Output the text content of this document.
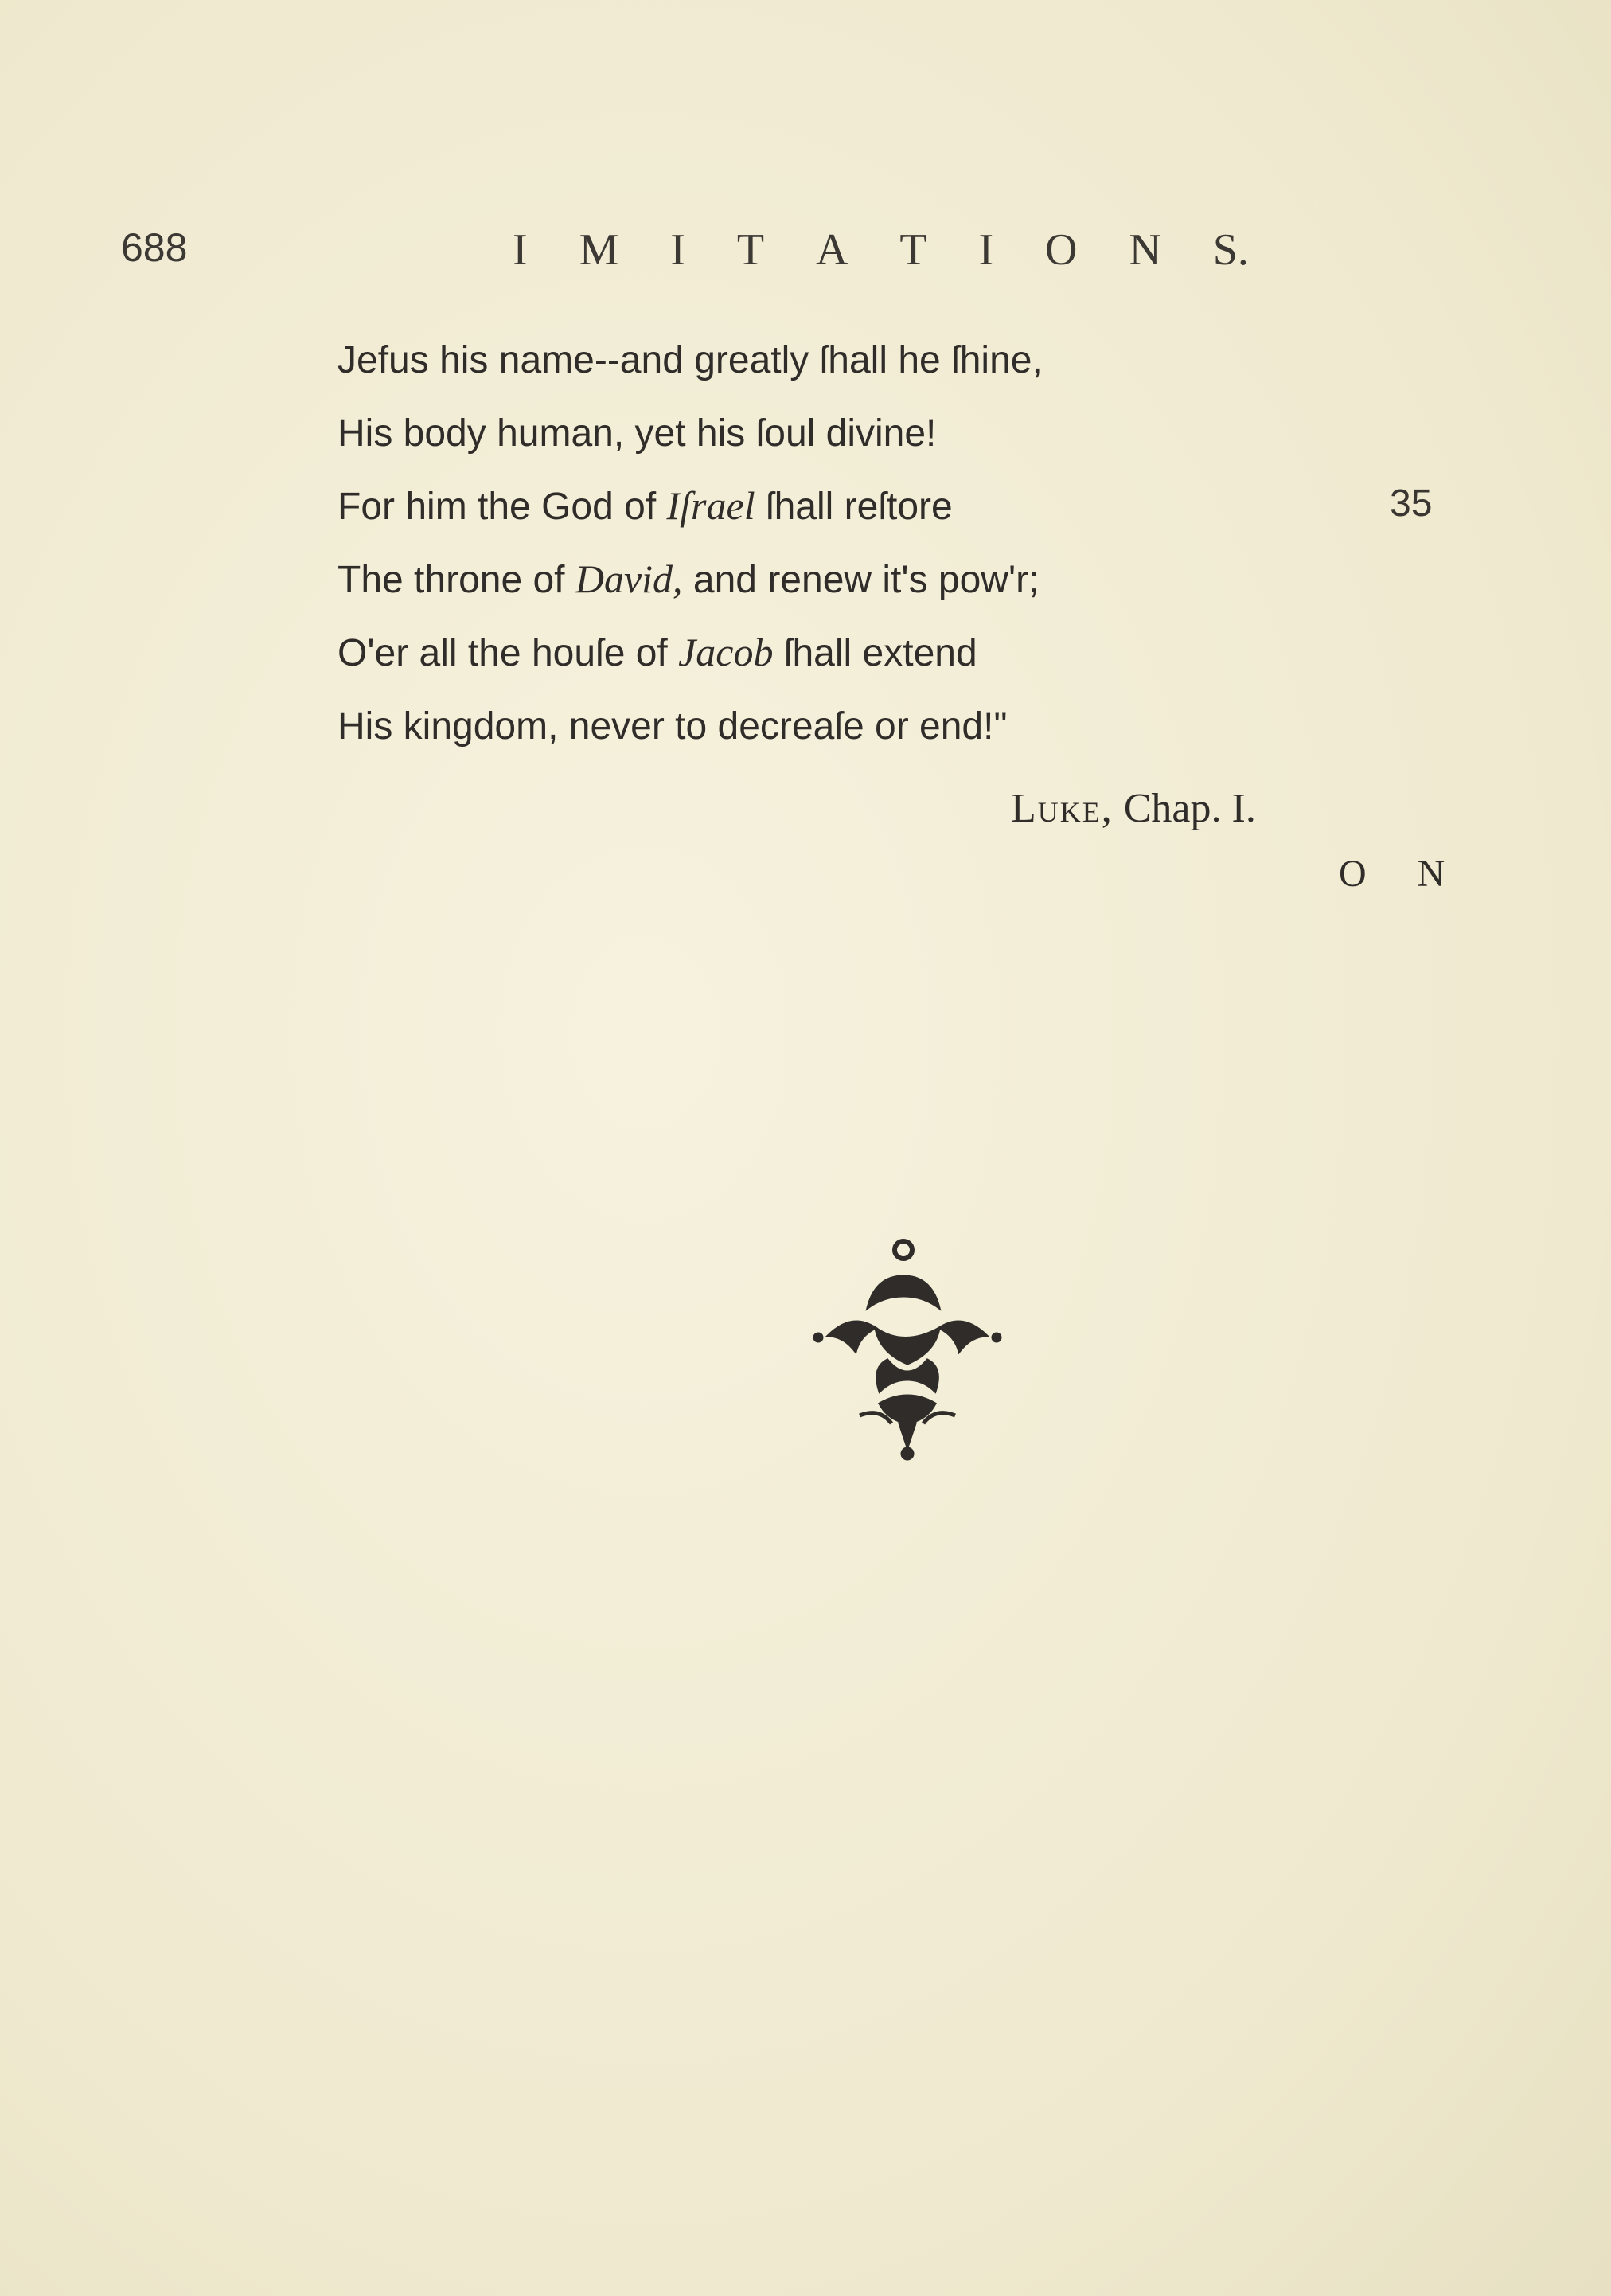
688	I M I T A T I O N S.
Jefus his name--and greatly ſhall he ſhine,
His body human, yet his ſoul divine!
For him the God of Iſrael ſhall reſtore
The throne of David, and renew it's pow'r;
O'er all the houſe of Jacob ſhall extend
His kingdom, never to decreaſe or end!"
35
Luke, Chap. I.
O N
